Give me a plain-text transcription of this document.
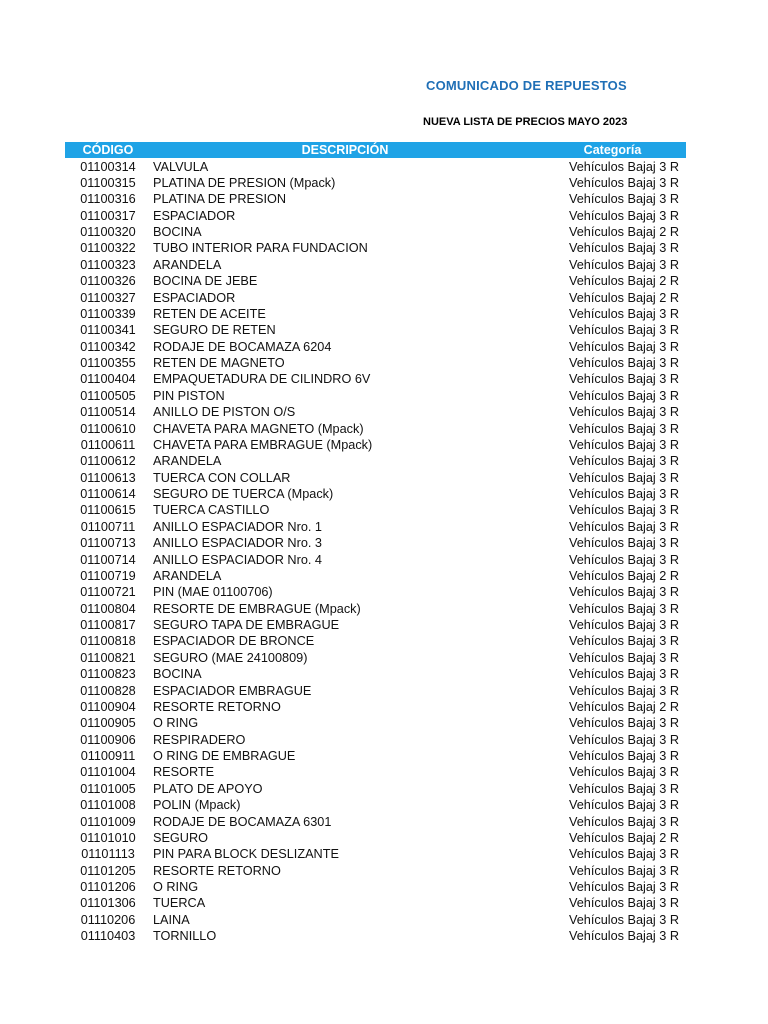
COMUNICADO DE REPUESTOS
NUEVA LISTA DE PRECIOS MAYO 2023
CÓDIGO	DESCRIPCIÓN	Categoría
01100314	VALVULA	Vehículos Bajaj 3 R
01100315	PLATINA DE PRESION (Mpack)	Vehículos Bajaj 3 R
01100316	PLATINA DE PRESION	Vehículos Bajaj 3 R
01100317	ESPACIADOR	Vehículos Bajaj 3 R
01100320	BOCINA	Vehículos Bajaj 2 R
01100322	TUBO INTERIOR PARA FUNDACION	Vehículos Bajaj 3 R
01100323	ARANDELA	Vehículos Bajaj 3 R
01100326	BOCINA DE JEBE	Vehículos Bajaj 2 R
01100327	ESPACIADOR	Vehículos Bajaj 2 R
01100339	RETEN DE ACEITE	Vehículos Bajaj 3 R
01100341	SEGURO DE RETEN	Vehículos Bajaj 3 R
01100342	RODAJE DE BOCAMAZA 6204	Vehículos Bajaj 3 R
01100355	RETEN DE MAGNETO	Vehículos Bajaj 3 R
01100404	EMPAQUETADURA DE CILINDRO 6V	Vehículos Bajaj 3 R
01100505	PIN PISTON	Vehículos Bajaj 3 R
01100514	ANILLO DE PISTON O/S	Vehículos Bajaj 3 R
01100610	CHAVETA PARA MAGNETO (Mpack)	Vehículos Bajaj 3 R
01100611	CHAVETA PARA EMBRAGUE (Mpack)	Vehículos Bajaj 3 R
01100612	ARANDELA	Vehículos Bajaj 3 R
01100613	TUERCA CON COLLAR	Vehículos Bajaj 3 R
01100614	SEGURO DE TUERCA (Mpack)	Vehículos Bajaj 3 R
01100615	TUERCA CASTILLO	Vehículos Bajaj 3 R
01100711	ANILLO ESPACIADOR Nro. 1	Vehículos Bajaj 3 R
01100713	ANILLO ESPACIADOR Nro. 3	Vehículos Bajaj 3 R
01100714	ANILLO ESPACIADOR Nro. 4	Vehículos Bajaj 3 R
01100719	ARANDELA	Vehículos Bajaj 2 R
01100721	PIN (MAE 01100706)	Vehículos Bajaj 3 R
01100804	RESORTE DE EMBRAGUE (Mpack)	Vehículos Bajaj 3 R
01100817	SEGURO TAPA DE EMBRAGUE	Vehículos Bajaj 3 R
01100818	ESPACIADOR DE BRONCE	Vehículos Bajaj 3 R
01100821	SEGURO (MAE 24100809)	Vehículos Bajaj 3 R
01100823	BOCINA	Vehículos Bajaj 3 R
01100828	ESPACIADOR EMBRAGUE	Vehículos Bajaj 3 R
01100904	RESORTE RETORNO	Vehículos Bajaj 2 R
01100905	O RING	Vehículos Bajaj 3 R
01100906	RESPIRADERO	Vehículos Bajaj 3 R
01100911	O RING DE EMBRAGUE	Vehículos Bajaj 3 R
01101004	RESORTE	Vehículos Bajaj 3 R
01101005	PLATO DE APOYO	Vehículos Bajaj 3 R
01101008	POLIN (Mpack)	Vehículos Bajaj 3 R
01101009	RODAJE DE BOCAMAZA 6301	Vehículos Bajaj 3 R
01101010	SEGURO	Vehículos Bajaj 2 R
01101113	PIN PARA BLOCK DESLIZANTE	Vehículos Bajaj 3 R
01101205	RESORTE RETORNO	Vehículos Bajaj 3 R
01101206	O RING	Vehículos Bajaj 3 R
01101306	TUERCA	Vehículos Bajaj 3 R
01110206	LAINA	Vehículos Bajaj 3 R
01110403	TORNILLO	Vehículos Bajaj 3 R
